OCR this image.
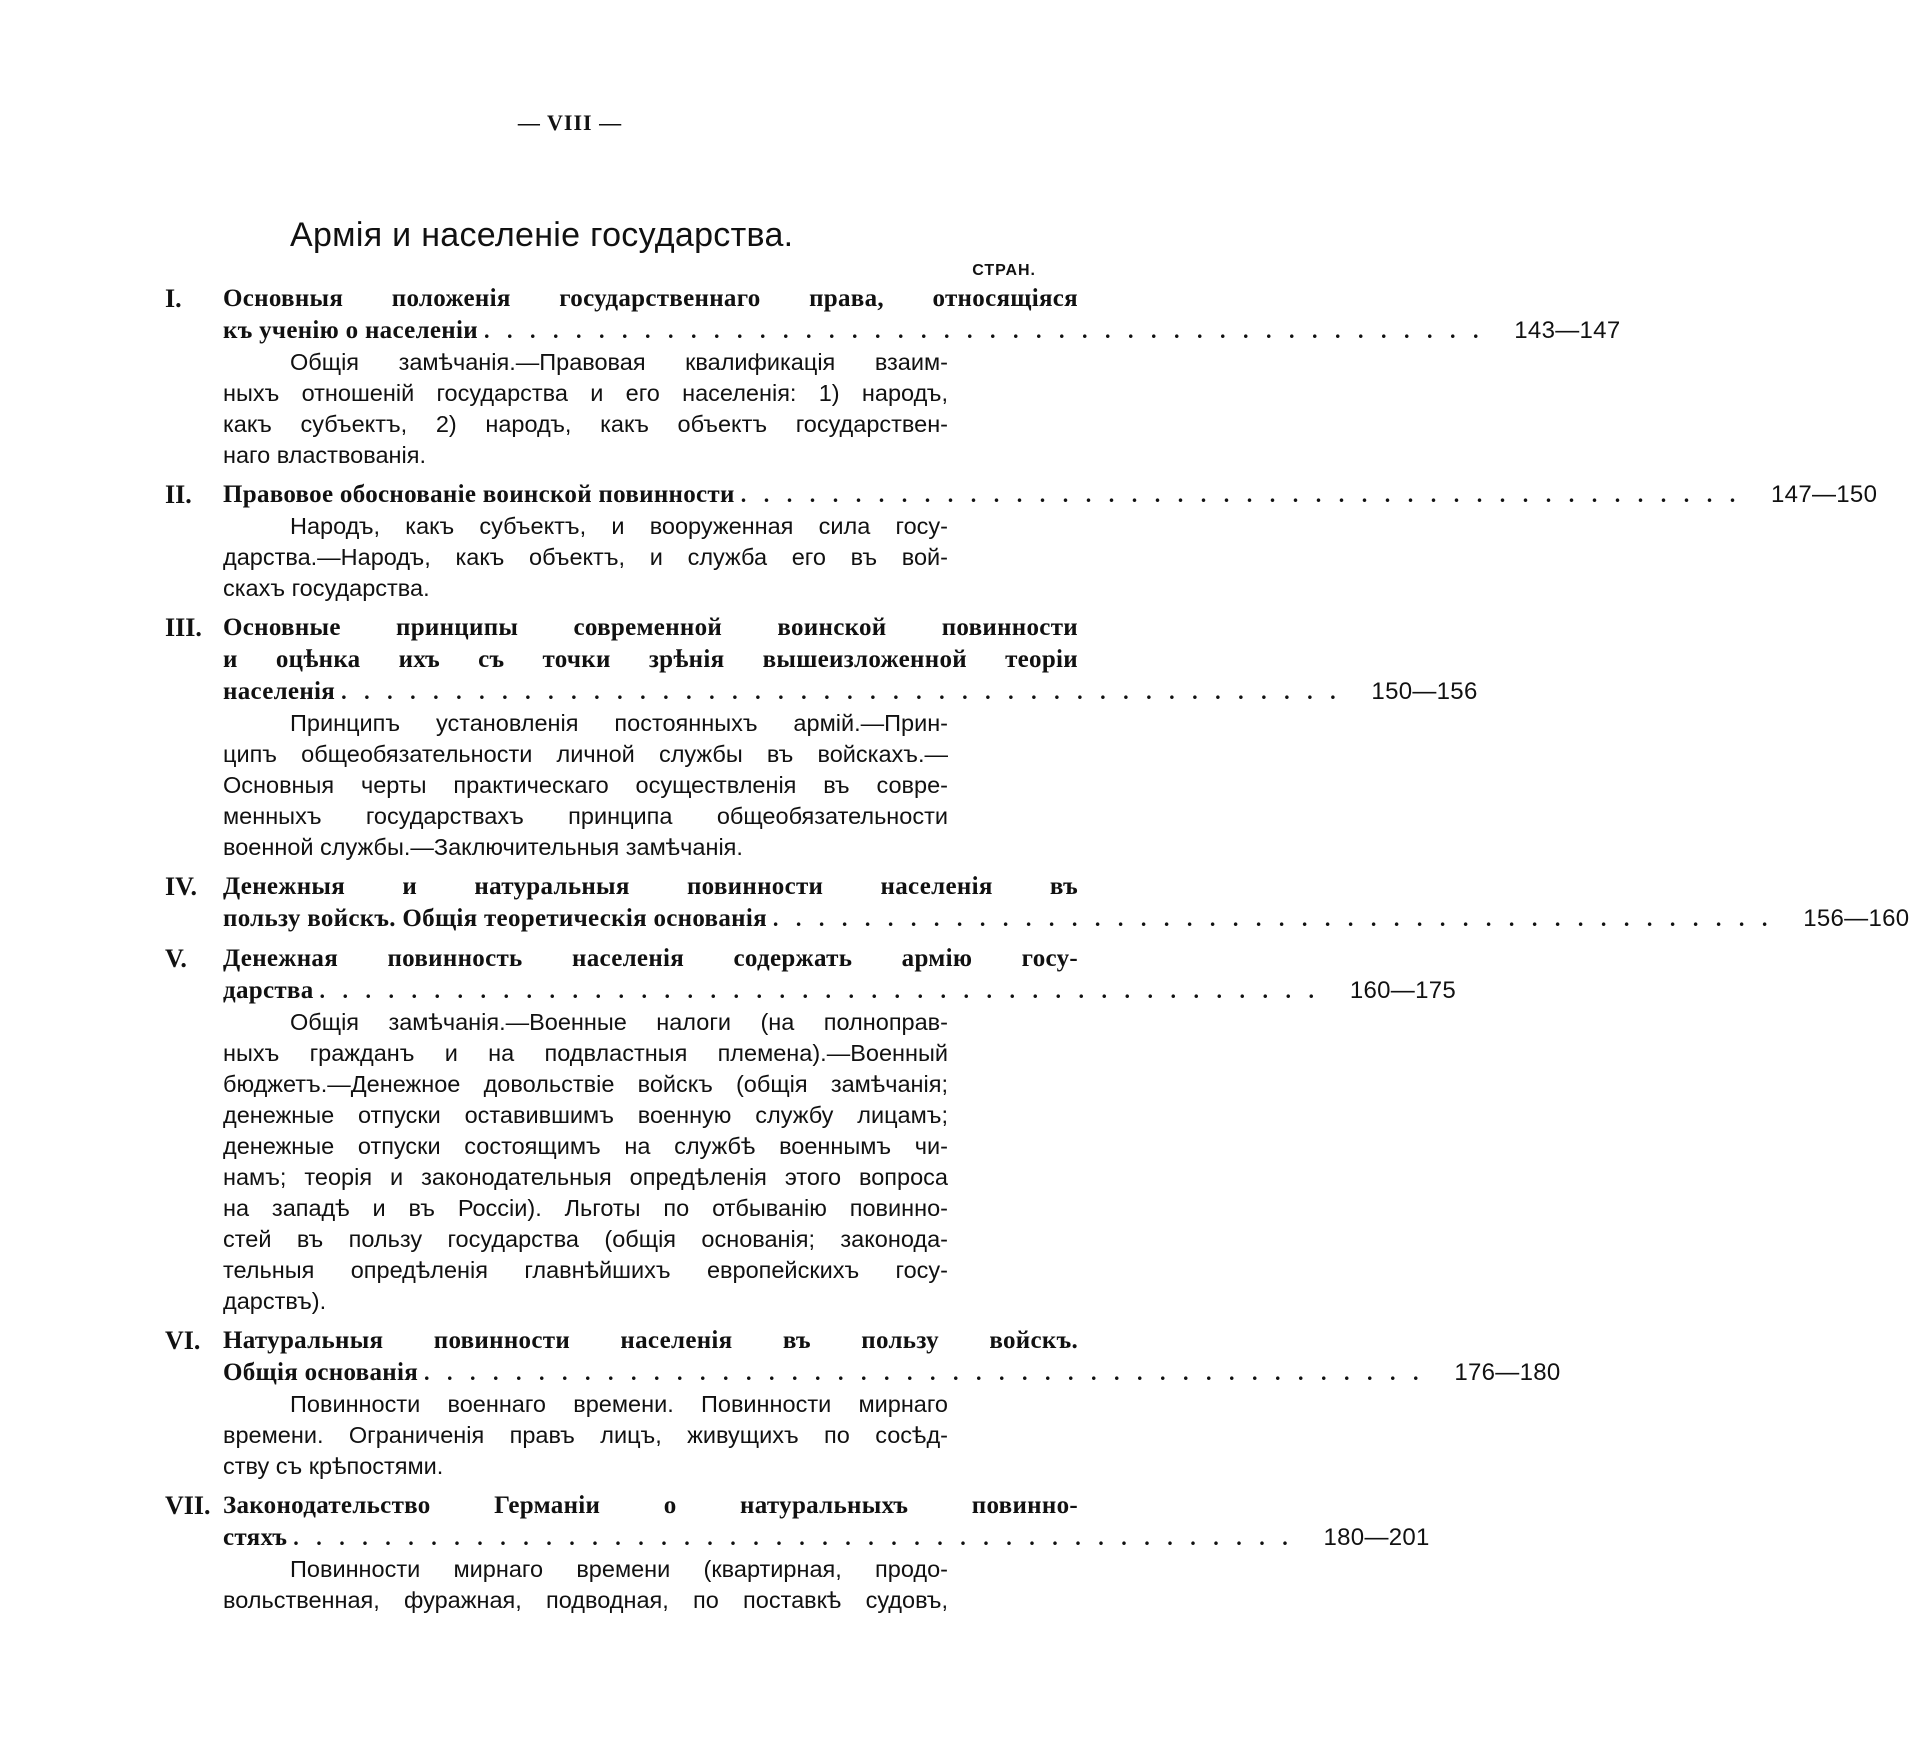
— VIII —
Армія и населеніе государства.
СТРАН.
I.	Основныя положенія государственнаго права, относящіяся
къ ученію о населеніи . . . . . . . . . . . . . . . . . . . . . . . . . . . . . . . . . . . . . . . . . . . .	143—147
Общія замѣчанія.—Правовая квалификація взаим-
ныхъ отношеній государства и его населенія: 1) народъ,
какъ субъектъ, 2) народъ, какъ объектъ государствен-
наго властвованія.
II.	Правовое обоснованіе воинской повинности . . . . . . . . . . . . . . . . . . . . . . . . . . . . . . . . . . . . . . . . . . . .	147—150
Народъ, какъ субъектъ, и вооруженная сила госу-
дарства.—Народъ, какъ объектъ, и служба его въ вой-
скахъ государства.
III. Основные принципы современной воинской повинности
и оцѣнка ихъ съ точки зрѣнія вышеизложенной теоріи
населенія . . . . . . . . . . . . . . . . . . . . . . . . . . . . . . . . . . . . . . . . . . . .	150—156
Принципъ установленія постоянныхъ армій.—Прин-
ципъ общеобязательности личной службы въ войскахъ.—
Основныя черты практическаго осуществленія въ совре-
менныхъ государствахъ принципа общеобязательности
военной службы.—Заключительныя замѣчанія.
IV.	Денежныя и натуральныя повинности населенія въ
пользу войскъ. Общія теоретическія основанія . . . . . . . . . . . . . . . . . . . . . . . . . . . . . . . . . . . . . . . . . . . .	156—160
V.	Денежная повинность населенія содержать армію госу-
дарства . . . . . . . . . . . . . . . . . . . . . . . . . . . . . . . . . . . . . . . . . . . .	160—175
Общія замѣчанія.—Военные налоги (на полноправ-
ныхъ гражданъ и на подвластныя племена).—Военный
бюджетъ.—Денежное довольствіе войскъ (общія замѣчанія;
денежные отпуски оставившимъ военную службу лицамъ;
денежные отпуски состоящимъ на службѣ военнымъ чи-
намъ; теорія и законодательныя опредѣленія этого вопроса
на западѣ и въ Россіи). Льготы по отбыванію повинно-
стей въ пользу государства (общія основанія; законода-
тельныя опредѣленія главнѣйшихъ европейскихъ госу-
дарствъ).
VI. Натуральныя повинности населенія въ пользу войскъ.
Общія основанія . . . . . . . . . . . . . . . . . . . . . . . . . . . . . . . . . . . . . . . . . . . .	176—180
Повинности военнаго времени. Повинности мирнаго
времени. Ограниченія правъ лицъ, живущихъ по сосѣд-
ству съ крѣпостями.
VII. Законодательство Германіи о натуральныхъ повинно-
стяхъ . . . . . . . . . . . . . . . . . . . . . . . . . . . . . . . . . . . . . . . . . . . .	180—201
Повинности мирнаго времени (квартирная, продо-
вольственная, фуражная, подводная, по поставкѣ судовъ,
